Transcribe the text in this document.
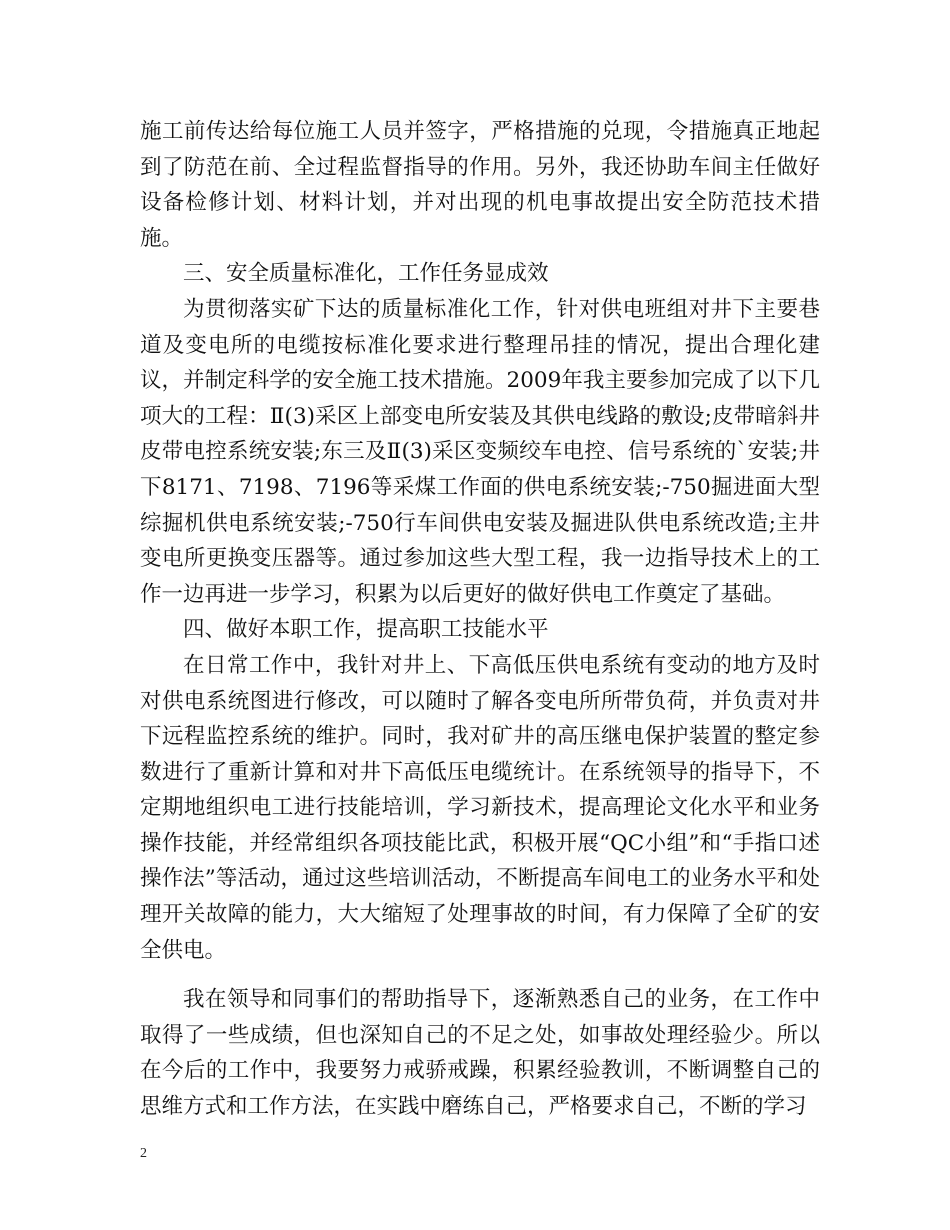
施工前传达给每位施工人员并签字，严格措施的兑现，令措施真正地起到了防范在前、全过程监督指导的作用。另外，我还协助车间主任做好设备检修计划、材料计划，并对出现的机电事故提出安全防范技术措施。

三、安全质量标准化，工作任务显成效

为贯彻落实矿下达的质量标准化工作，针对供电班组对井下主要巷道及变电所的电缆按标准化要求进行整理吊挂的情况，提出合理化建议，并制定科学的安全施工技术措施。2009年我主要参加完成了以下几项大的工程：Ⅱ(3)采区上部变电所安装及其供电线路的敷设;皮带暗斜井皮带电控系统安装;东三及Ⅱ(3)采区变频绞车电控、信号系统的`安装;井下8171、7198、7196等采煤工作面的供电系统安装;-750掘进面大型综掘机供电系统安装;-750行车间供电安装及掘进队供电系统改造;主井变电所更换变压器等。通过参加这些大型工程，我一边指导技术上的工作一边再进一步学习，积累为以后更好的做好供电工作奠定了基础。

四、做好本职工作，提高职工技能水平

在日常工作中，我针对井上、下高低压供电系统有变动的地方及时对供电系统图进行修改，可以随时了解各变电所所带负荷，并负责对井下远程监控系统的维护。同时，我对矿井的高压继电保护装置的整定参数进行了重新计算和对井下高低压电缆统计。在系统领导的指导下，不定期地组织电工进行技能培训，学习新技术，提高理论文化水平和业务操作技能，并经常组织各项技能比武，积极开展“QC小组”和“手指口述操作法”等活动，通过这些培训活动，不断提高车间电工的业务水平和处理开关故障的能力，大大缩短了处理事故的时间，有力保障了全矿的安全供电。

我在领导和同事们的帮助指导下，逐渐熟悉自己的业务，在工作中取得了一些成绩，但也深知自己的不足之处，如事故处理经验少。所以在今后的工作中，我要努力戒骄戒躁，积累经验教训，不断调整自己的思维方式和工作方法，在实践中磨练自己，严格要求自己，不断的学习

2
